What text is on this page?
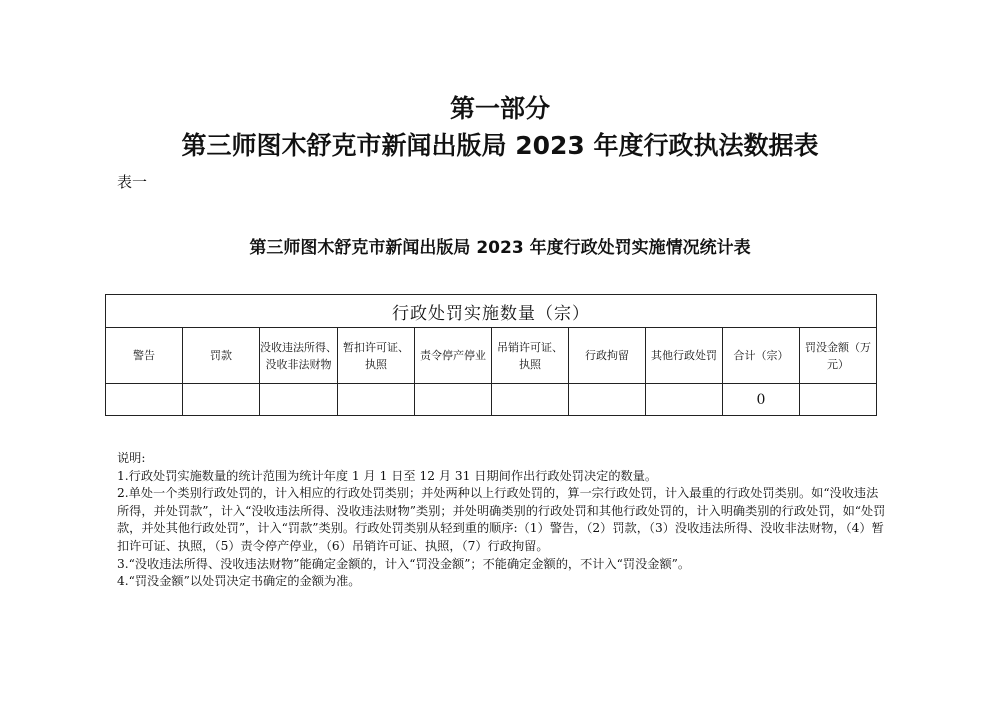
第一部分
第三师图木舒克市新闻出版局 2023 年度行政执法数据表
表一
第三师图木舒克市新闻出版局 2023 年度行政处罚实施情况统计表
行政处罚实施数量（宗）									
警告	罚款	没收违法所得、没收非法财物	暂扣许可证、执照	责令停产停业	吊销许可证、执照	行政拘留	其他行政处罚	合计（宗）	罚没金额（万元）
								0	
说明:
1.行政处罚实施数量的统计范围为统计年度 1 月 1 日至 12 月 31 日期间作出行政处罚决定的数量。
2.单处一个类别行政处罚的，计入相应的行政处罚类别；并处两种以上行政处罚的，算一宗行政处罚，计入最重的行政处罚类别。如“没收违法所得，并处罚款”，计入“没收违法所得、没收违法财物”类别；并处明确类别的行政处罚和其他行政处罚的，计入明确类别的行政处罚，如“处罚款，并处其他行政处罚”，计入“罚款”类别。行政处罚类别从轻到重的顺序:（1）警告，（2）罚款，（3）没收违法所得、没收非法财物，（4）暂扣许可证、执照，（5）责令停产停业，（6）吊销许可证、执照，（7）行政拘留。
3.“没收违法所得、没收违法财物”能确定金额的，计入“罚没金额”；不能确定金额的，不计入“罚没金额”。
4.“罚没金额”以处罚决定书确定的金额为准。
